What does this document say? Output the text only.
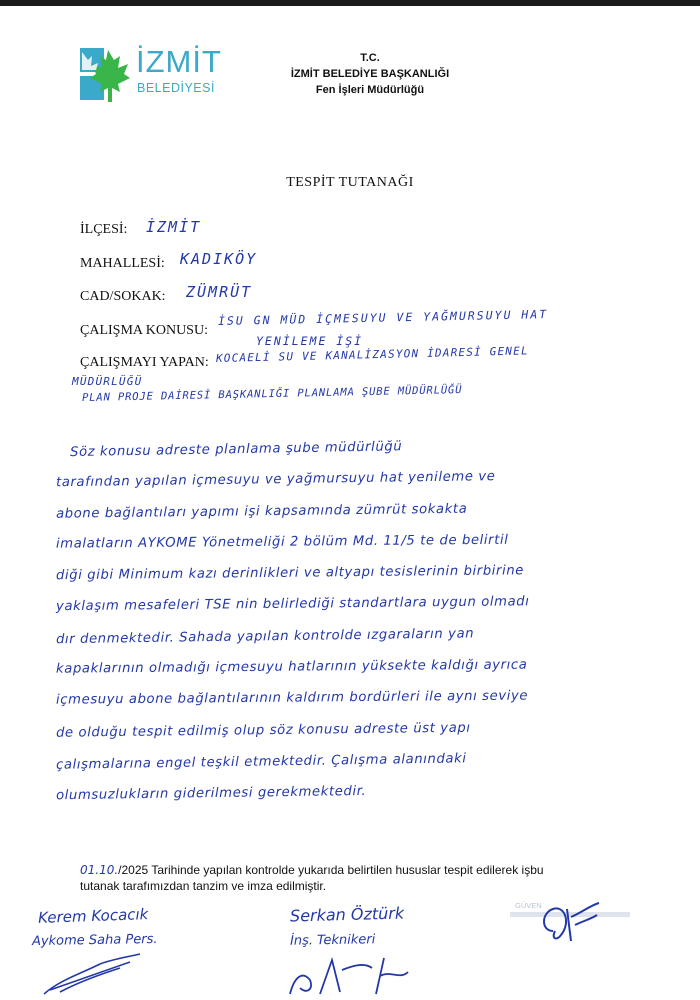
İZMİT
BELEDİYESİ
T.C.
İZMİT BELEDİYE BAŞKANLIĞI
Fen İşleri Müdürlüğü
TESPİT TUTANAĞI
İLÇESİ: İZMİT
MAHALLESİ: KADIKÖY
CAD/SOKAK: ZÜMRÜT
ÇALIŞMA KONUSU:
İSU GN MÜD İÇMESUYU VE YAĞMURSUYU HAT
YENİLEME İŞİ
ÇALIŞMAYI YAPAN: KOCAELİ SU VE KANALİZASYON İDARESİ GENEL
MÜDÜRLÜĞÜ
PLAN PROJE DAİRESİ BAŞKANLIĞI PLANLAMA ŞUBE MÜDÜRLÜĞÜ
Söz konusu adreste planlama şube müdürlüğü
tarafından yapılan içmesuyu ve yağmursuyu hat yenileme ve
abone bağlantıları yapımı işi kapsamında zümrüt sokakta
imalatların AYKOME Yönetmeliği 2 bölüm Md. 11/5 te de belirtil
diği gibi Minimum kazı derinlikleri ve altyapı tesislerinin birbirine
yaklaşım mesafeleri TSE nin belirlediği standartlara uygun olmadı
dır denmektedir. Sahada yapılan kontrolde ızgaraların yan
kapaklarının olmadığı içmesuyu hatlarının yüksekte kaldığı ayrıca
içmesuyu abone bağlantılarının kaldırım bordürleri ile aynı seviye
de olduğu tespit edilmiş olup söz konusu adreste üst yapı
çalışmalarına engel teşkil etmektedir. Çalışma alanındaki
olumsuzlukların giderilmesi gerekmektedir.
01.10./2025 Tarihinde yapılan kontrolde yukarıda belirtilen hususlar tespit edilerek işbu
tutanak tarafımızdan tanzim ve imza edilmiştir.
Kerem Kocacık
Aykome Saha Pers.
Serkan Öztürk
İnş. Teknikeri
GÜVEN
